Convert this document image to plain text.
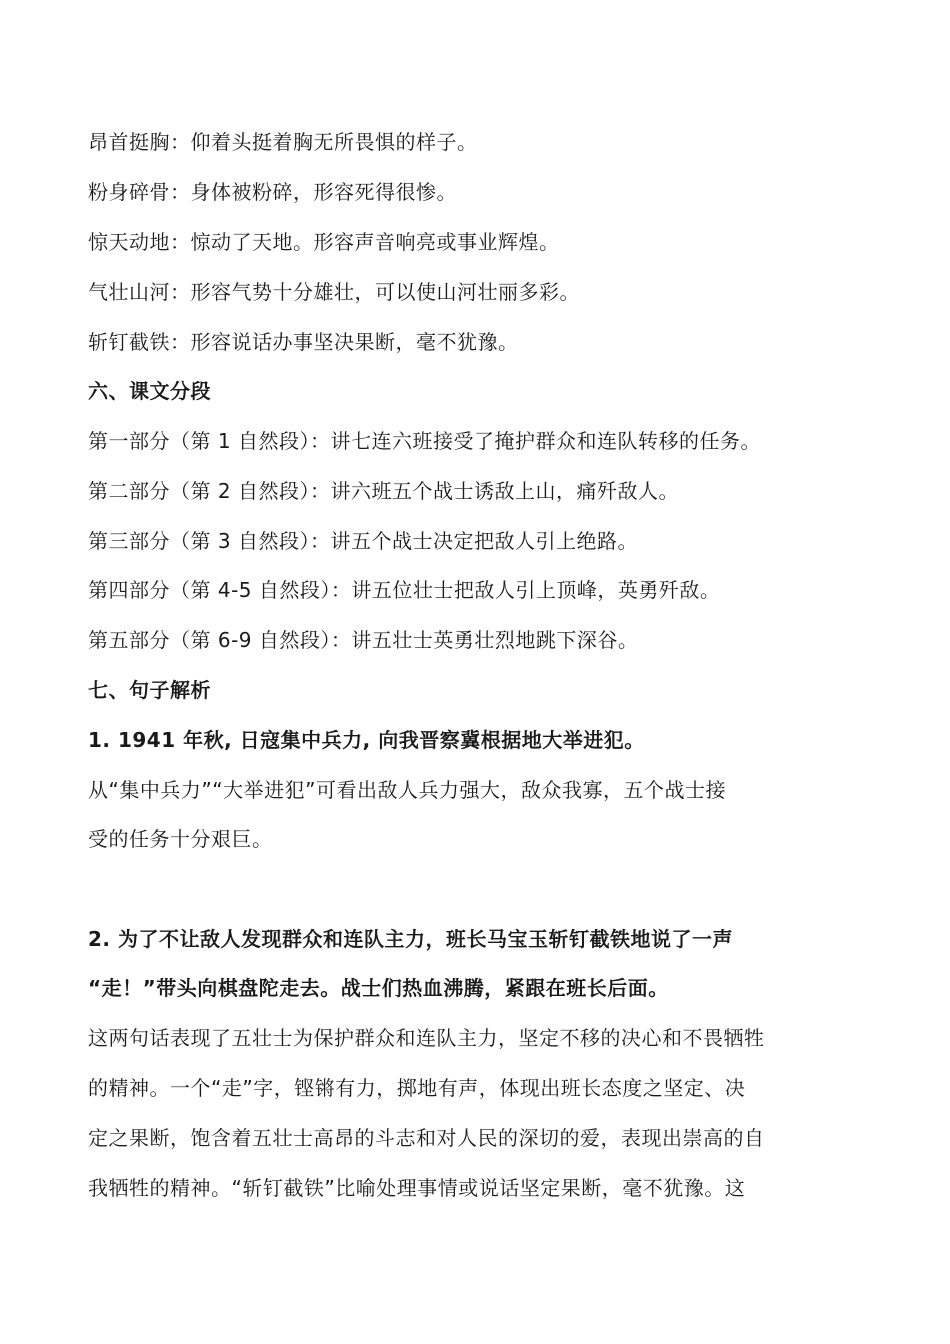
昂首挺胸：仰着头挺着胸无所畏惧的样子。
粉身碎骨：身体被粉碎，形容死得很惨。
惊天动地：惊动了天地。形容声音响亮或事业辉煌。
气壮山河：形容气势十分雄壮，可以使山河壮丽多彩。
斩钉截铁：形容说话办事坚决果断，毫不犹豫。
六、课文分段
第一部分（第 1 自然段）：讲七连六班接受了掩护群众和连队转移的任务。
第二部分（第 2 自然段）：讲六班五个战士诱敌上山，痛歼敌人。
第三部分（第 3 自然段）：讲五个战士决定把敌人引上绝路。
第四部分（第 4-5 自然段）：讲五位壮士把敌人引上顶峰，英勇歼敌。
第五部分（第 6-9 自然段）：讲五壮士英勇壮烈地跳下深谷。
七、句子解析
1. 1941 年秋, 日寇集中兵力, 向我晋察冀根据地大举进犯。
从“集中兵力”“大举进犯”可看出敌人兵力强大，敌众我寡，五个战士接
受的任务十分艰巨。
2. 为了不让敌人发现群众和连队主力，班长马宝玉斩钉截铁地说了一声
“走！”带头向棋盘陀走去。战士们热血沸腾，紧跟在班长后面。
这两句话表现了五壮士为保护群众和连队主力，坚定不移的决心和不畏牺牲
的精神。一个“走”字，铿锵有力，掷地有声，体现出班长态度之坚定、决
定之果断，饱含着五壮士高昂的斗志和对人民的深切的爱，表现出崇高的自
我牺牲的精神。“斩钉截铁”比喻处理事情或说话坚定果断，毫不犹豫。这
